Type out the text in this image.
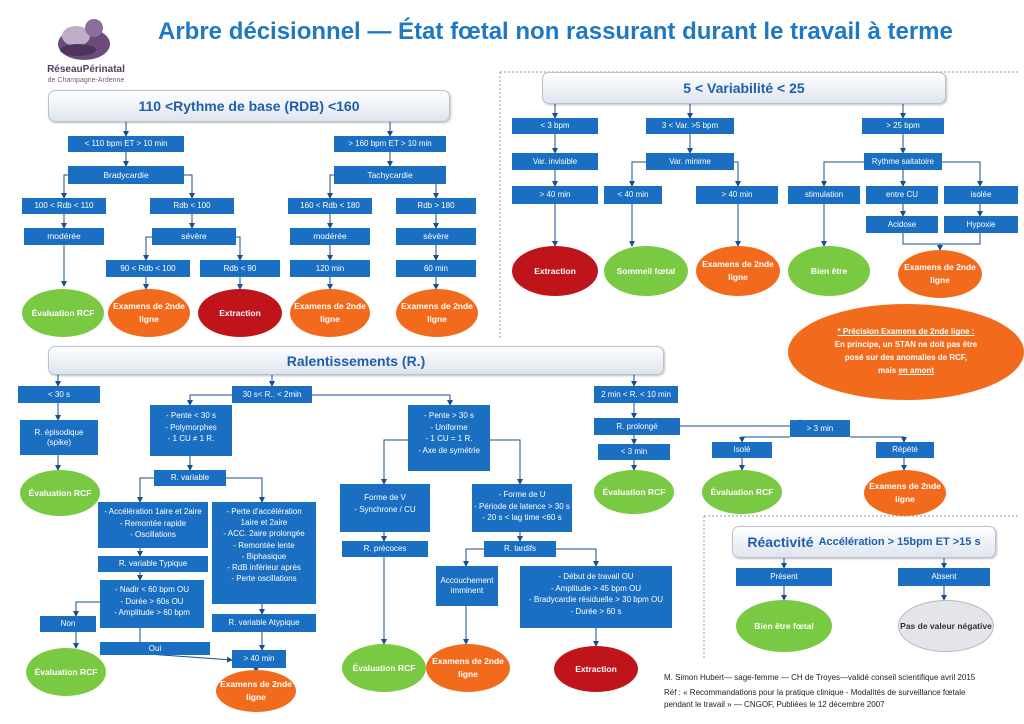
RéseauPérinatal
de Champagne-Ardenne
Arbre décisionnel — État fœtal non rassurant durant le travail à terme
110 <Rythme de base (RDB) <160
< 110 bpm ET > 10 min	> 160 bpm ET > 10 min
Bradycardie	Tachycardie
100 < Rdb < 110	Rdb < 100	160 < Rdb < 180	Rdb > 180
modérée	sévère	modérée	sévère
90 < Rdb < 100	Rdb < 90	120 min	60 min
Évaluation RCF
Examens de 2nde ligne
Extraction
Examens de 2nde ligne
Examens de 2nde ligne
5 < Variabilité < 25
< 3 bpm	3 < Var. >5 bpm	> 25 bpm
Var. invisible	Var. minime	Rythme saltatoire
> 40 min	< 40 min	> 40 min	stimulation	entre CU	isolée
Acidose	Hypoxie
Extraction	Sommeil fœtal
Examens de 2nde ligne
Bien être	Examens de 2nde ligne
* Précision Examens de 2nde ligne :
En principe, un STAN ne doit pas être
posé sur des anomalies de RCF,
mais en amont
Ralentissements (R.)
< 30 s	30 s< R.. < 2min
R. épisodique (spike)
Évaluation RCF
- Pente < 30 s
- Polymorphes
- 1 CU ≠ 1 R.
R. variable
- Accélération 1aire et 2aire
- Remontée rapide
- Oscillations
- Perte d'accélération
1aire et 2aire
- ACC. 2aire prolongée
- Remontée lente
- Biphasique
- RdB inférieur après
- Perte oscillations
R. variable Typique
- Nadir < 60 bpm OU
- Durée > 60s OU
- Amplitude > 60 bpm
R. variable Atypique
Non
Oui
> 40 min
Évaluation RCF
Examens de 2nde ligne
- Pente > 30 s
- Uniforme
- 1 CU = 1 R.
- Axe de symétrie
Forme de V
- Synchrone / CU
- Forme de U
- Période de latence > 30 s
- 20 s < lag time <60 s
R. précoces	R. tardifs
Accouchement imminent
- Début de travail OU
- Amplitude > 45 bpm OU
- Bradycardie résiduelle > 30 bpm OU
- Durée > 60 s
Évaluation RCF
Examens de 2nde ligne
Extraction
2 min < R. < 10 min
R. prolongé	> 3 min
< 3 min	Isolé	Répété
Évaluation RCF	Évaluation RCF
Examens de 2nde ligne
Réactivité Accélération > 15bpm ET >15 s
Présent	Absent
Bien être fœtal	Pas de valeur négative
M. Simon Hubert— sage-femme — CH de Troyes—validé conseil scientifique avril 2015
Réf : « Recommandations pour la pratique clinique - Modalités de surveillance fœtale
pendant le travail » — CNGOF, Publiées le 12 décembre 2007
